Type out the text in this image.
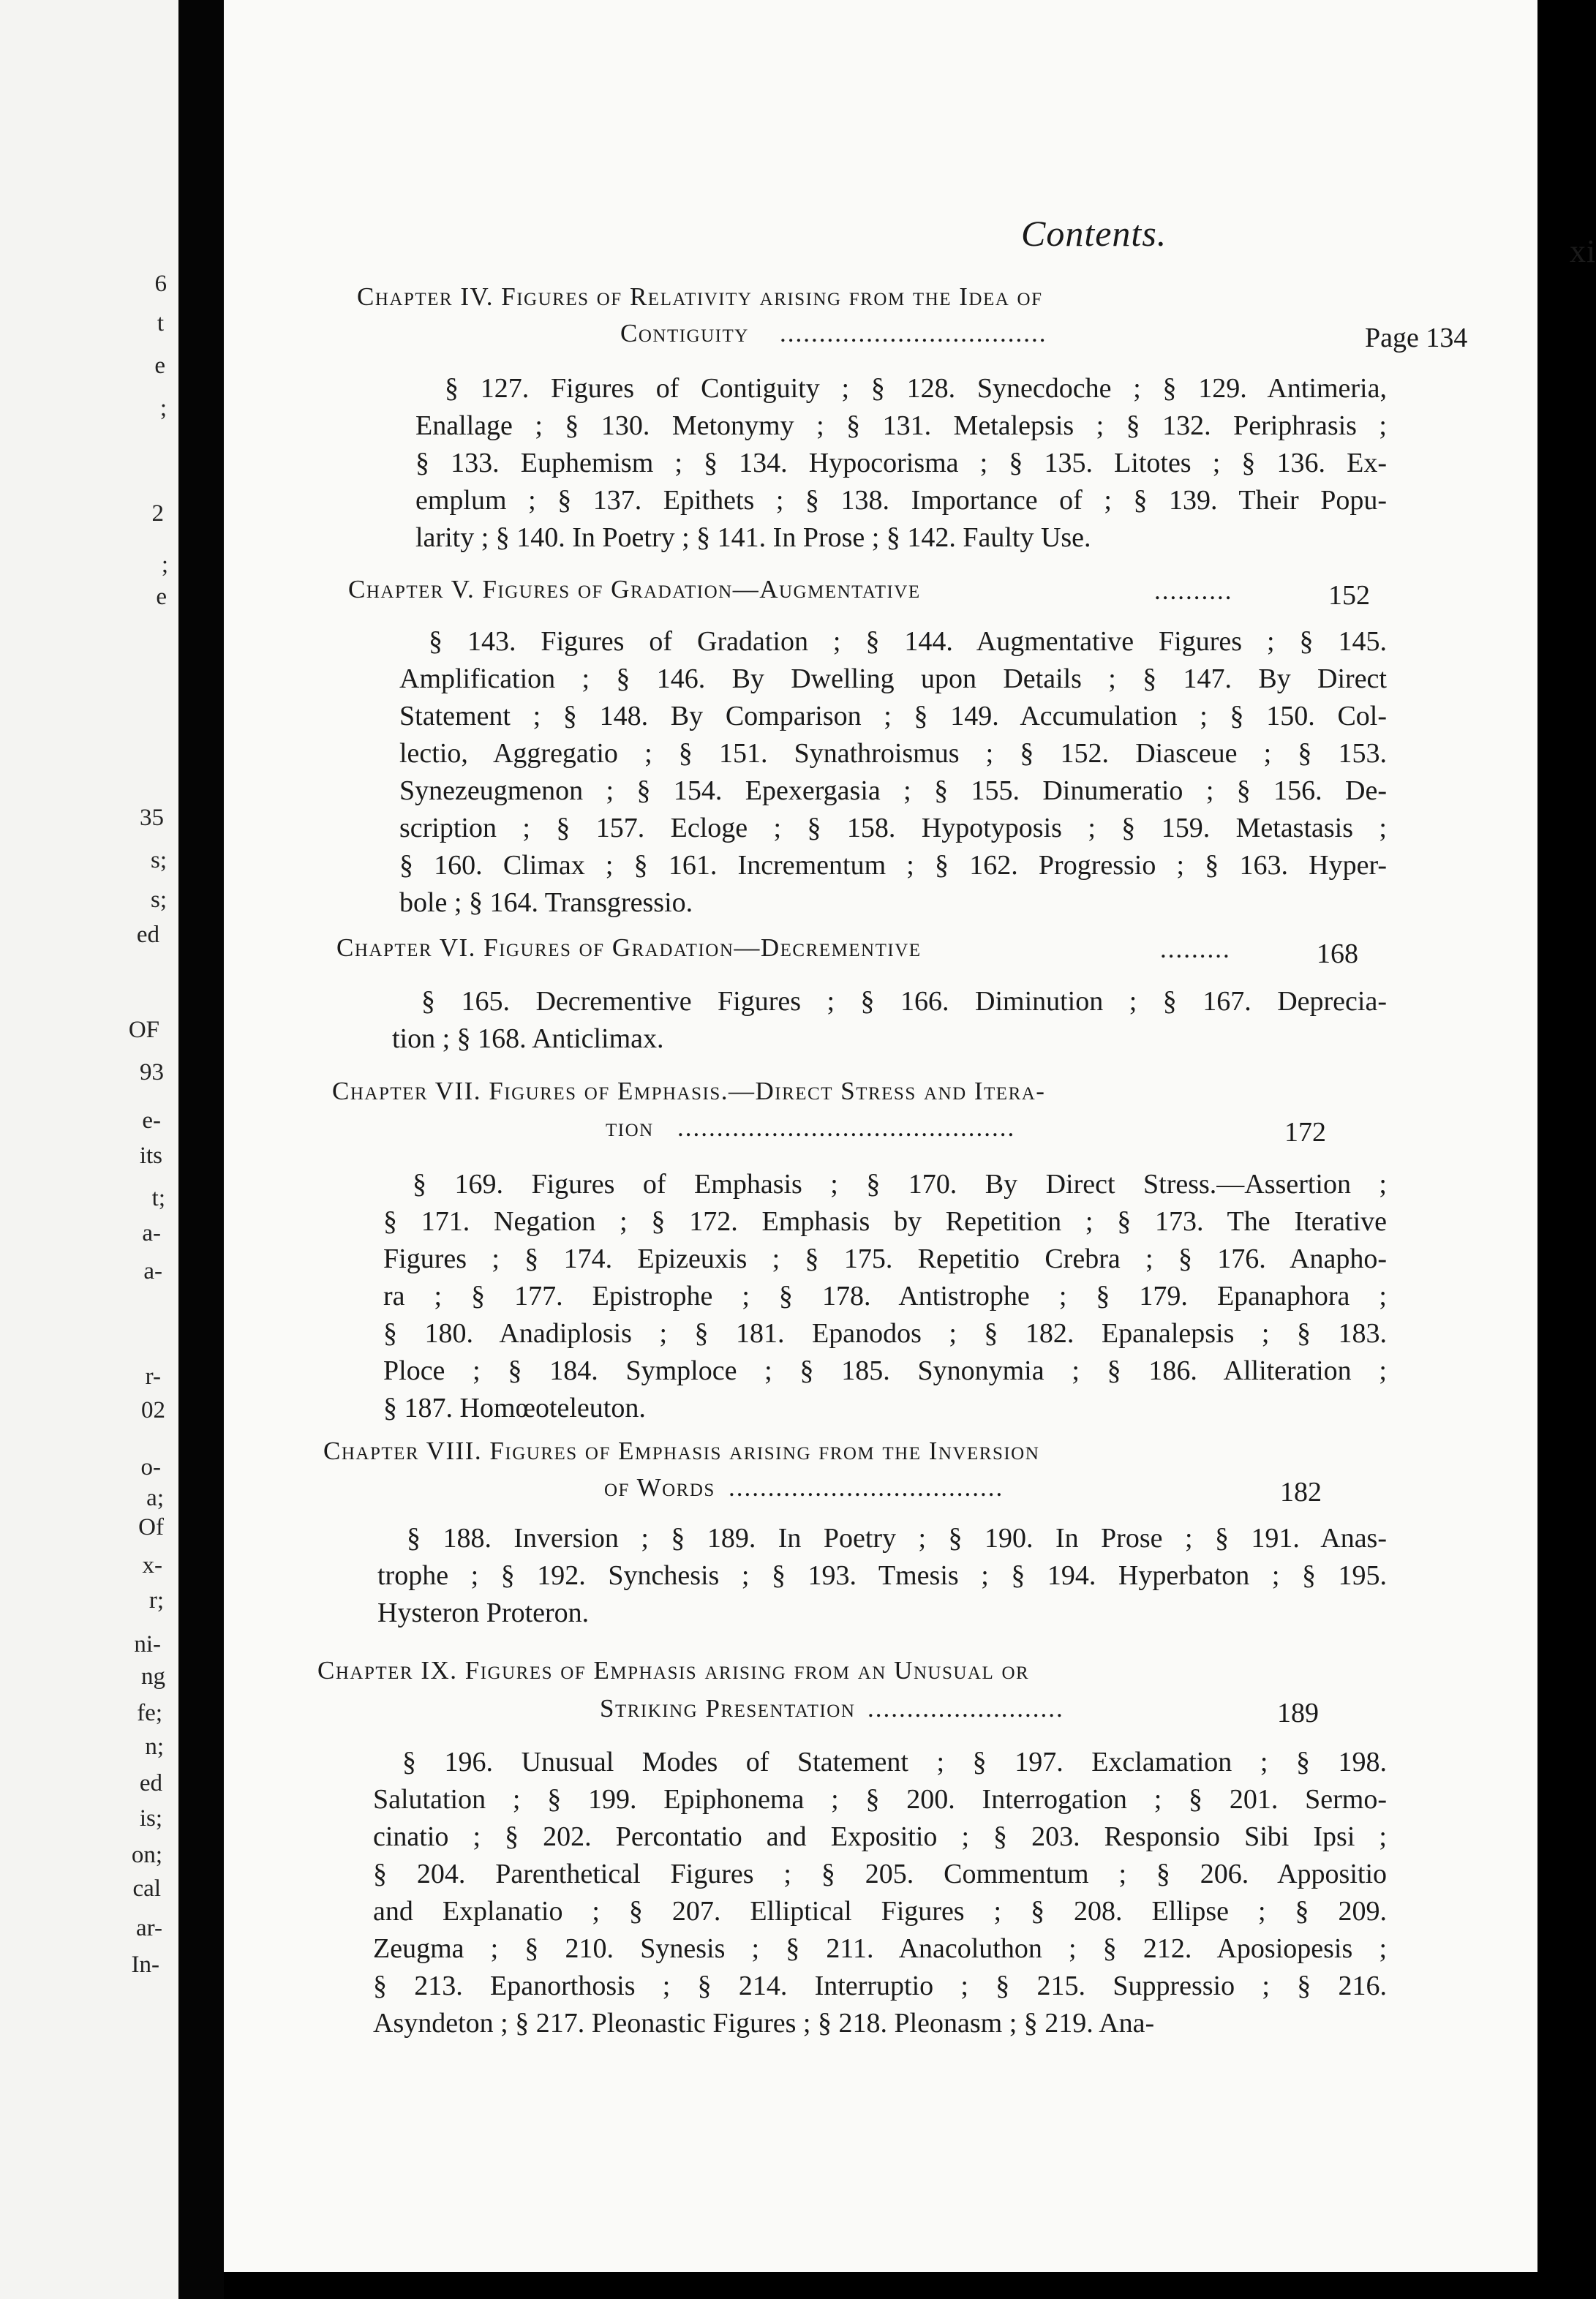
6
t
e
;
2
;
e
35
s;
s;
ed
OF
93
e-
its
t;
a-
a-
r-
02
o-
a;
Of
x-
r;
ni-
ng
fe;
n;
ed
is;
on;
cal
ar-
In-
Contents.	xi
Chapter IV. Figures of Relativity arising from the Idea of
Contiguity ..................................	Page 134
§ 127. Figures of Contiguity ; § 128. Synecdoche ; § 129. Antimeria,
Enallage ; § 130. Metonymy ; § 131. Metalepsis ; § 132. Periphrasis ;
§ 133. Euphemism ; § 134. Hypocorisma ; § 135. Litotes ; § 136. Ex-
emplum ; § 137. Epithets ; § 138. Importance of ; § 139. Their Popu-
larity ; § 140. In Poetry ; § 141. In Prose ; § 142. Faulty Use.
Chapter V. Figures of Gradation—Augmentative	..........	152
§ 143. Figures of Gradation ; § 144. Augmentative Figures ; § 145.
Amplification ; § 146. By Dwelling upon Details ; § 147. By Direct
Statement ; § 148. By Comparison ; § 149. Accumulation ; § 150. Col-
lectio, Aggregatio ; § 151. Synathroismus ; § 152. Diasceue ; § 153.
Synezeugmenon ; § 154. Epexergasia ; § 155. Dinumeratio ; § 156. De-
scription ; § 157. Ecloge ; § 158. Hypotyposis ; § 159. Metastasis ;
§ 160. Climax ; § 161. Incrementum ; § 162. Progressio ; § 163. Hyper-
bole ; § 164. Transgressio.
Chapter VI. Figures of Gradation—Decrementive	.........	168
§ 165. Decrementive Figures ; § 166. Diminution ; § 167. Deprecia-
tion ; § 168. Anticlimax.
Chapter VII. Figures of Emphasis.—Direct Stress and Itera-
tion ...........................................	172
§ 169. Figures of Emphasis ; § 170. By Direct Stress.—Assertion ;
§ 171. Negation ; § 172. Emphasis by Repetition ; § 173. The Iterative
Figures ; § 174. Epizeuxis ; § 175. Repetitio Crebra ; § 176. Anapho-
ra ; § 177. Epistrophe ; § 178. Antistrophe ; § 179. Epanaphora ;
§ 180. Anadiplosis ; § 181. Epanodos ; § 182. Epanalepsis ; § 183.
Ploce ; § 184. Symploce ; § 185. Synonymia ; § 186. Alliteration ;
§ 187. Homœoteleuton.
Chapter VIII. Figures of Emphasis arising from the Inversion
of Words ...................................	182
§ 188. Inversion ; § 189. In Poetry ; § 190. In Prose ; § 191. Anas-
trophe ; § 192. Synchesis ; § 193. Tmesis ; § 194. Hyperbaton ; § 195.
Hysteron Proteron.
Chapter IX. Figures of Emphasis arising from an Unusual or
Striking Presentation .........................	189
§ 196. Unusual Modes of Statement ; § 197. Exclamation ; § 198.
Salutation ; § 199. Epiphonema ; § 200. Interrogation ; § 201. Sermo-
cinatio ; § 202. Percontatio and Expositio ; § 203. Responsio Sibi Ipsi ;
§ 204. Parenthetical Figures ; § 205. Commentum ; § 206. Appositio
and Explanatio ; § 207. Elliptical Figures ; § 208. Ellipse ; § 209.
Zeugma ; § 210. Synesis ; § 211. Anacoluthon ; § 212. Aposiopesis ;
§ 213. Epanorthosis ; § 214. Interruptio ; § 215. Suppressio ; § 216.
Asyndeton ; § 217. Pleonastic Figures ; § 218. Pleonasm ; § 219. Ana-
